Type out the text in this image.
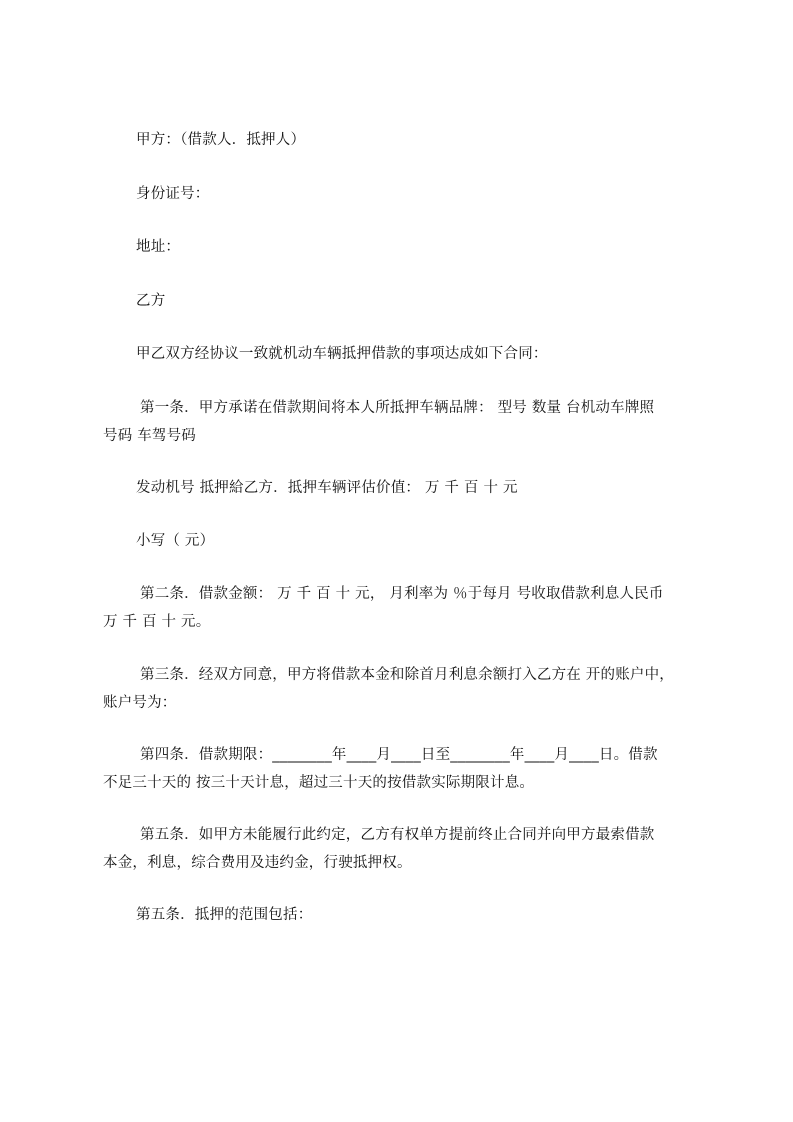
甲方：（借款人．抵押人）
身份证号：
地址：
乙方
甲乙双方经协议一致就机动车辆抵押借款的事项达成如下合同：
第一条．甲方承诺在借款期间将本人所抵押车辆品牌： 型号 数量 台机动车牌照
号码 车驾号码
发动机号 抵押給乙方．抵押车辆评估价值： 万 千 百 十 元
小写（ 元）
第二条．借款金额： 万 千 百 十 元， 月利率为 ％于每月 号收取借款利息人民币
万 千 百 十 元。
第三条．经双方同意，甲方将借款本金和除首月利息余额打入乙方在 开的账户中，
账户号为：
第四条．借款期限：________年____月____日至________年____月____日。借款
不足三十天的 按三十天计息，超过三十天的按借款实际期限计息。
第五条．如甲方未能履行此约定，乙方有权单方提前终止合同并向甲方最索借款
本金，利息，综合费用及违约金，行驶抵押权。
第五条．抵押的范围包括：
